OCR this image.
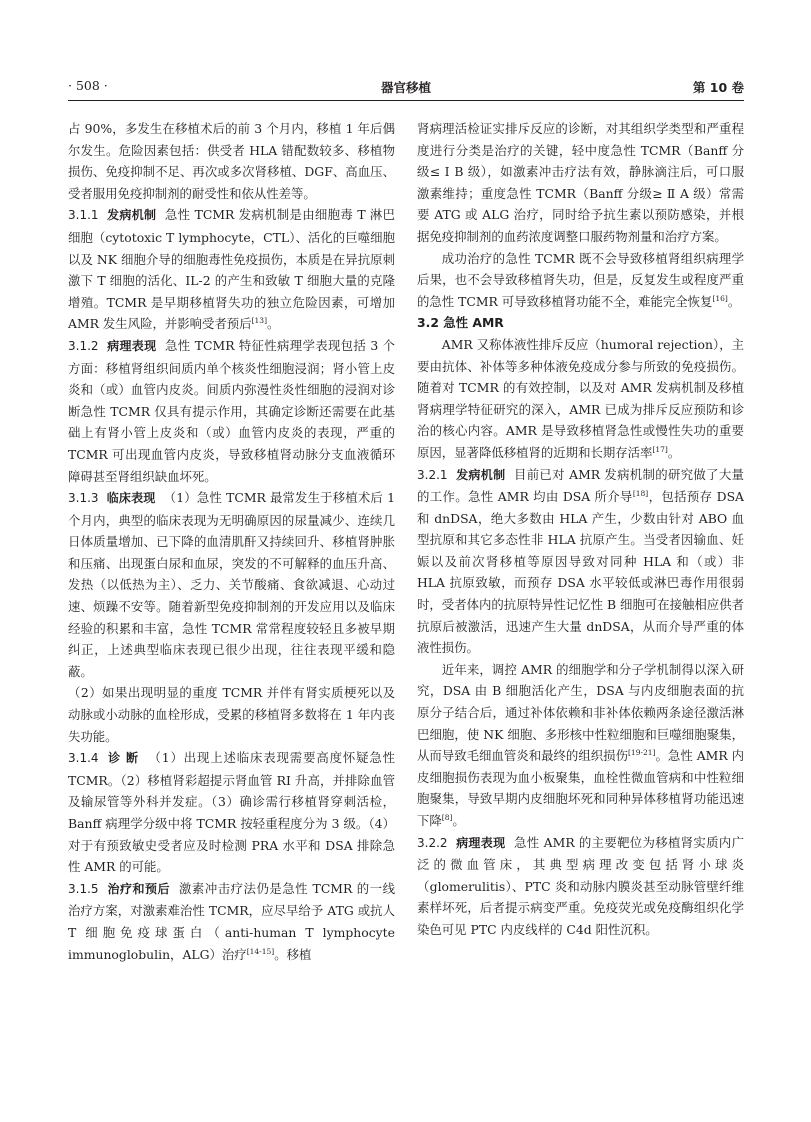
· 508 ·	器官移植	第 10 卷

占 90%，多发生在移植术后的前 3 个月内，移植 1 年后偶尔发生。危险因素包括：供受者 HLA 错配数较多、移植物损伤、免疫抑制不足、再次或多次肾移植、DGF、高血压、受者服用免疫抑制剂的耐受性和依从性差等。

3.1.1 发病机制 急性 TCMR 发病机制是由细胞毒 T 淋巴细胞（cytotoxic T lymphocyte，CTL）、活化的巨噬细胞以及 NK 细胞介导的细胞毒性免疫损伤，本质是在异抗原刺激下 T 细胞的活化、IL-2 的产生和致敏 T 细胞大量的克隆增殖。TCMR 是早期移植肾失功的独立危险因素，可增加 AMR 发生风险，并影响受者预后[13]。

3.1.2 病理表现 急性 TCMR 特征性病理学表现包括 3 个方面：移植肾组织间质内单个核炎性细胞浸润；肾小管上皮炎和（或）血管内皮炎。间质内弥漫性炎性细胞的浸润对诊断急性 TCMR 仅具有提示作用，其确定诊断还需要在此基础上有肾小管上皮炎和（或）血管内皮炎的表现，严重的 TCMR 可出现血管内皮炎，导致移植肾动脉分支血液循环障碍甚至肾组织缺血坏死。

3.1.3 临床表现 （1）急性 TCMR 最常发生于移植术后 1 个月内，典型的临床表现为无明确原因的尿量减少、连续几日体质量增加、已下降的血清肌酐又持续回升、移植肾肿胀和压痛、出现蛋白尿和血尿，突发的不可解释的血压升高、发热（以低热为主）、乏力、关节酸痛、食欲减退、心动过速、烦躁不安等。随着新型免疫抑制剂的开发应用以及临床经验的积累和丰富，急性 TCMR 常常程度较轻且多被早期纠正，上述典型临床表现已很少出现，往往表现平缓和隐蔽。

（2）如果出现明显的重度 TCMR 并伴有肾实质梗死以及动脉或小动脉的血栓形成，受累的移植肾多数将在 1 年内丧失功能。

3.1.4 诊 断 （1）出现上述临床表现需要高度怀疑急性 TCMR。（2）移植肾彩超提示肾血管 RI 升高，并排除血管及输尿管等外科并发症。（3）确诊需行移植肾穿刺活检，Banff 病理学分级中将 TCMR 按轻重程度分为 3 级。（4）对于有预致敏史受者应及时检测 PRA 水平和 DSA 排除急性 AMR 的可能。

3.1.5 治疗和预后 激素冲击疗法仍是急性 TCMR 的一线治疗方案，对激素难治性 TCMR，应尽早给予 ATG 或抗人 T 细胞免疫球蛋白（anti-human T lymphocyte immunoglobulin，ALG）治疗[14-15]。移植

肾病理活检证实排斥反应的诊断，对其组织学类型和严重程度进行分类是治疗的关键，轻中度急性 TCMR（Banff 分级≤ Ⅰ B 级），如激素冲击疗法有效，静脉滴注后，可口服激素维持；重度急性 TCMR（Banff 分级≥ Ⅱ A 级）常需要 ATG 或 ALG 治疗，同时给予抗生素以预防感染，并根据免疫抑制剂的血药浓度调整口服药物剂量和治疗方案。

成功治疗的急性 TCMR 既不会导致移植肾组织病理学后果，也不会导致移植肾失功，但是，反复发生或程度严重的急性 TCMR 可导致移植肾功能不全，难能完全恢复[16]。

3.2 急性 AMR

AMR 又称体液性排斥反应（humoral rejection），主要由抗体、补体等多种体液免疫成分参与所致的免疫损伤。随着对 TCMR 的有效控制，以及对 AMR 发病机制及移植肾病理学特征研究的深入，AMR 已成为排斥反应预防和诊治的核心内容。AMR 是导致移植肾急性或慢性失功的重要原因，显著降低移植肾的近期和长期存活率[17]。

3.2.1 发病机制 目前已对 AMR 发病机制的研究做了大量的工作。急性 AMR 均由 DSA 所介导[18]，包括预存 DSA 和 dnDSA，绝大多数由 HLA 产生，少数由针对 ABO 血型抗原和其它多态性非 HLA 抗原产生。当受者因输血、妊娠以及前次肾移植等原因导致对同种 HLA 和（或）非 HLA 抗原致敏，而预存 DSA 水平较低或淋巴毒作用很弱时，受者体内的抗原特异性记忆性 B 细胞可在接触相应供者抗原后被激活，迅速产生大量 dnDSA，从而介导严重的体液性损伤。

近年来，调控 AMR 的细胞学和分子学机制得以深入研究，DSA 由 B 细胞活化产生，DSA 与内皮细胞表面的抗原分子结合后，通过补体依赖和非补体依赖两条途径激活淋巴细胞，使 NK 细胞、多形核中性粒细胞和巨噬细胞聚集，从而导致毛细血管炎和最终的组织损伤[19-21]。急性 AMR 内皮细胞损伤表现为血小板聚集，血栓性微血管病和中性粒细胞聚集，导致早期内皮细胞坏死和同种异体移植肾功能迅速下降[8]。

3.2.2 病理表现 急性 AMR 的主要靶位为移植肾实质内广泛的微血管床，其典型病理改变包括肾小球炎（glomerulitis）、PTC 炎和动脉内膜炎甚至动脉管壁纤维素样坏死，后者提示病变严重。免疫荧光或免疫酶组织化学染色可见 PTC 内皮线样的 C4d 阳性沉积。
